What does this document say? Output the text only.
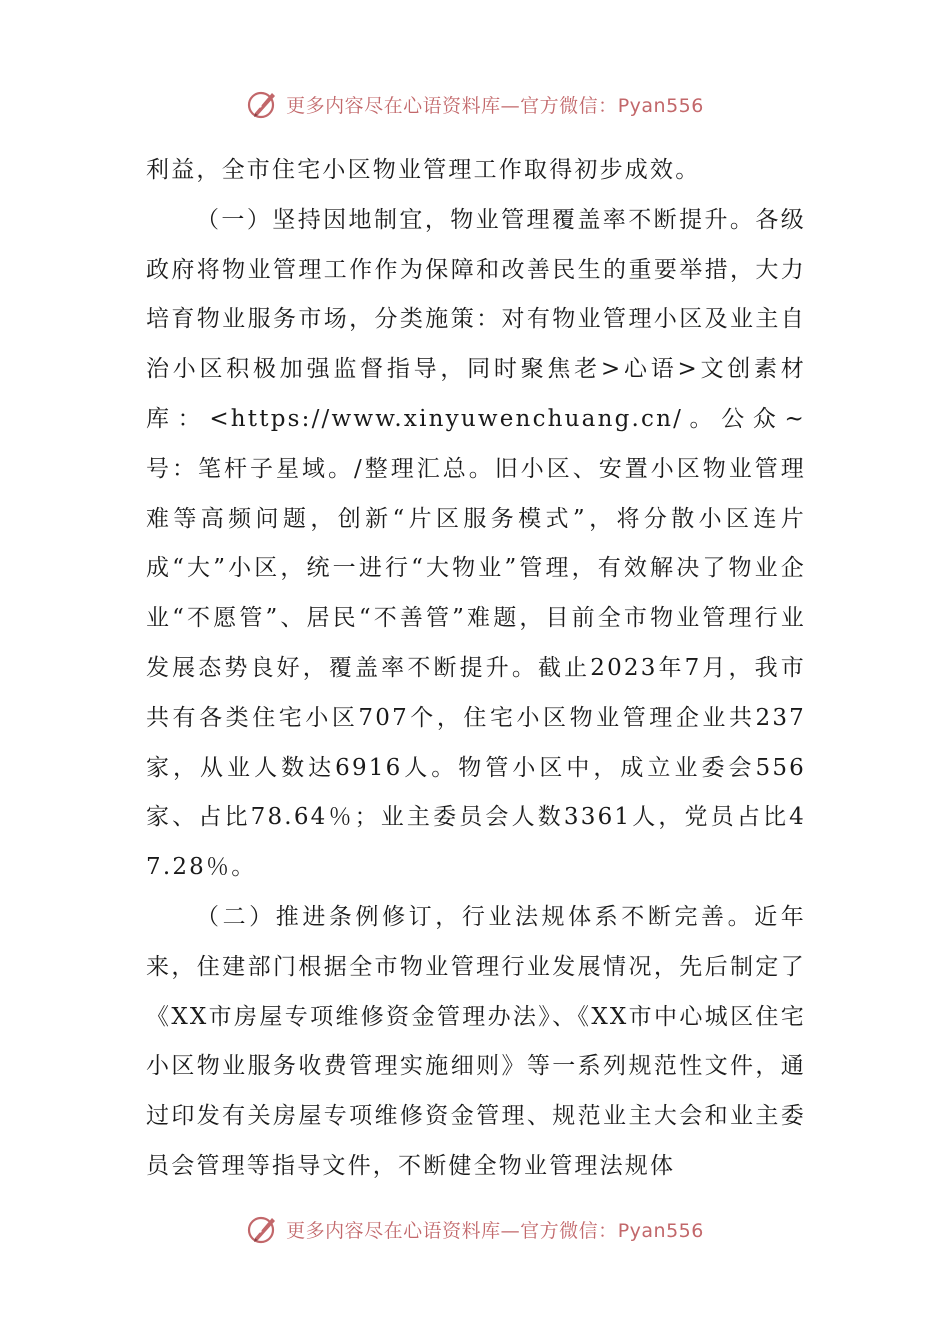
更多内容尽在心语资料库—官方微信：Pyan556

利益，全市住宅小区物业管理工作取得初步成效。

（一）坚持因地制宜，物业管理覆盖率不断提升。各级政府将物业管理工作作为保障和改善民生的重要举措，大力培育物业服务市场，分类施策：对有物业管理小区及业主自治小区积极加强监督指导，同时聚焦老>心语>文创素材库：<https://www.xinyuwenchuang.cn/。公众~号：笔杆子星域。/整理汇总。旧小区、安置小区物业管理难等高频问题，创新“片区服务模式”，将分散小区连片成“大”小区，统一进行“大物业”管理，有效解决了物业企业“不愿管”、居民“不善管”难题，目前全市物业管理行业发展态势良好，覆盖率不断提升。截止2023年7月，我市共有各类住宅小区707个，住宅小区物业管理企业共237家，从业人数达6916人。物管小区中，成立业委会556家、占比78.64％；业主委员会人数3361人，党员占比47.28％。

（二）推进条例修订，行业法规体系不断完善。近年来，住建部门根据全市物业管理行业发展情况，先后制定了《XX市房屋专项维修资金管理办法》、《XX市中心城区住宅小区物业服务收费管理实施细则》等一系列规范性文件，通过印发有关房屋专项维修资金管理、规范业主大会和业主委员会管理等指导文件，不断健全物业管理法规体

更多内容尽在心语资料库—官方微信：Pyan556
